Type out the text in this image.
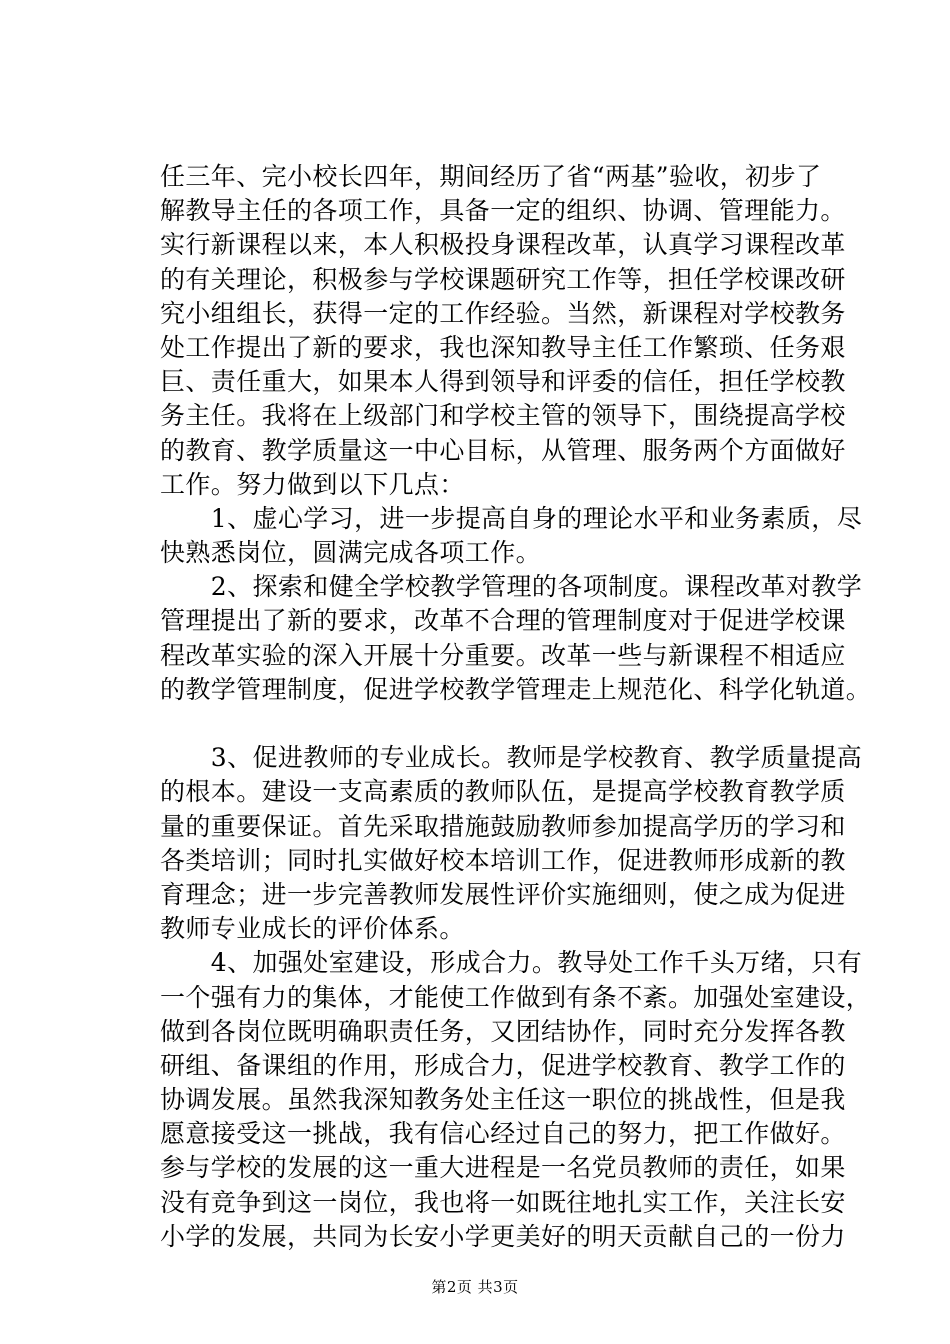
任三年、完小校长四年，期间经历了省“两基”验收，初步了
解教导主任的各项工作，具备一定的组织、协调、管理能力。
实行新课程以来，本人积极投身课程改革，认真学习课程改革
的有关理论，积极参与学校课题研究工作等，担任学校课改研
究小组组长，获得一定的工作经验。当然，新课程对学校教务
处工作提出了新的要求，我也深知教导主任工作繁琐、任务艰
巨、责任重大，如果本人得到领导和评委的信任，担任学校教
务主任。我将在上级部门和学校主管的领导下，围绕提高学校
的教育、教学质量这一中心目标，从管理、服务两个方面做好
工作。努力做到以下几点：
　　1、虚心学习，进一步提高自身的理论水平和业务素质，尽
快熟悉岗位，圆满完成各项工作。
　　2、探索和健全学校教学管理的各项制度。课程改革对教学
管理提出了新的要求，改革不合理的管理制度对于促进学校课
程改革实验的深入开展十分重要。改革一些与新课程不相适应
的教学管理制度，促进学校教学管理走上规范化、科学化轨道。
　　3、促进教师的专业成长。教师是学校教育、教学质量提高
的根本。建设一支高素质的教师队伍，是提高学校教育教学质
量的重要保证。首先采取措施鼓励教师参加提高学历的学习和
各类培训；同时扎实做好校本培训工作，促进教师形成新的教
育理念；进一步完善教师发展性评价实施细则，使之成为促进
教师专业成长的评价体系。
　　4、加强处室建设，形成合力。教导处工作千头万绪，只有
一个强有力的集体，才能使工作做到有条不紊。加强处室建设，
做到各岗位既明确职责任务，又团结协作，同时充分发挥各教
研组、备课组的作用，形成合力，促进学校教育、教学工作的
协调发展。虽然我深知教务处主任这一职位的挑战性，但是我
愿意接受这一挑战，我有信心经过自己的努力，把工作做好。
参与学校的发展的这一重大进程是一名党员教师的责任，如果
没有竞争到这一岗位，我也将一如既往地扎实工作，关注长安
小学的发展，共同为长安小学更美好的明天贡献自己的一份力
第2页 共3页
